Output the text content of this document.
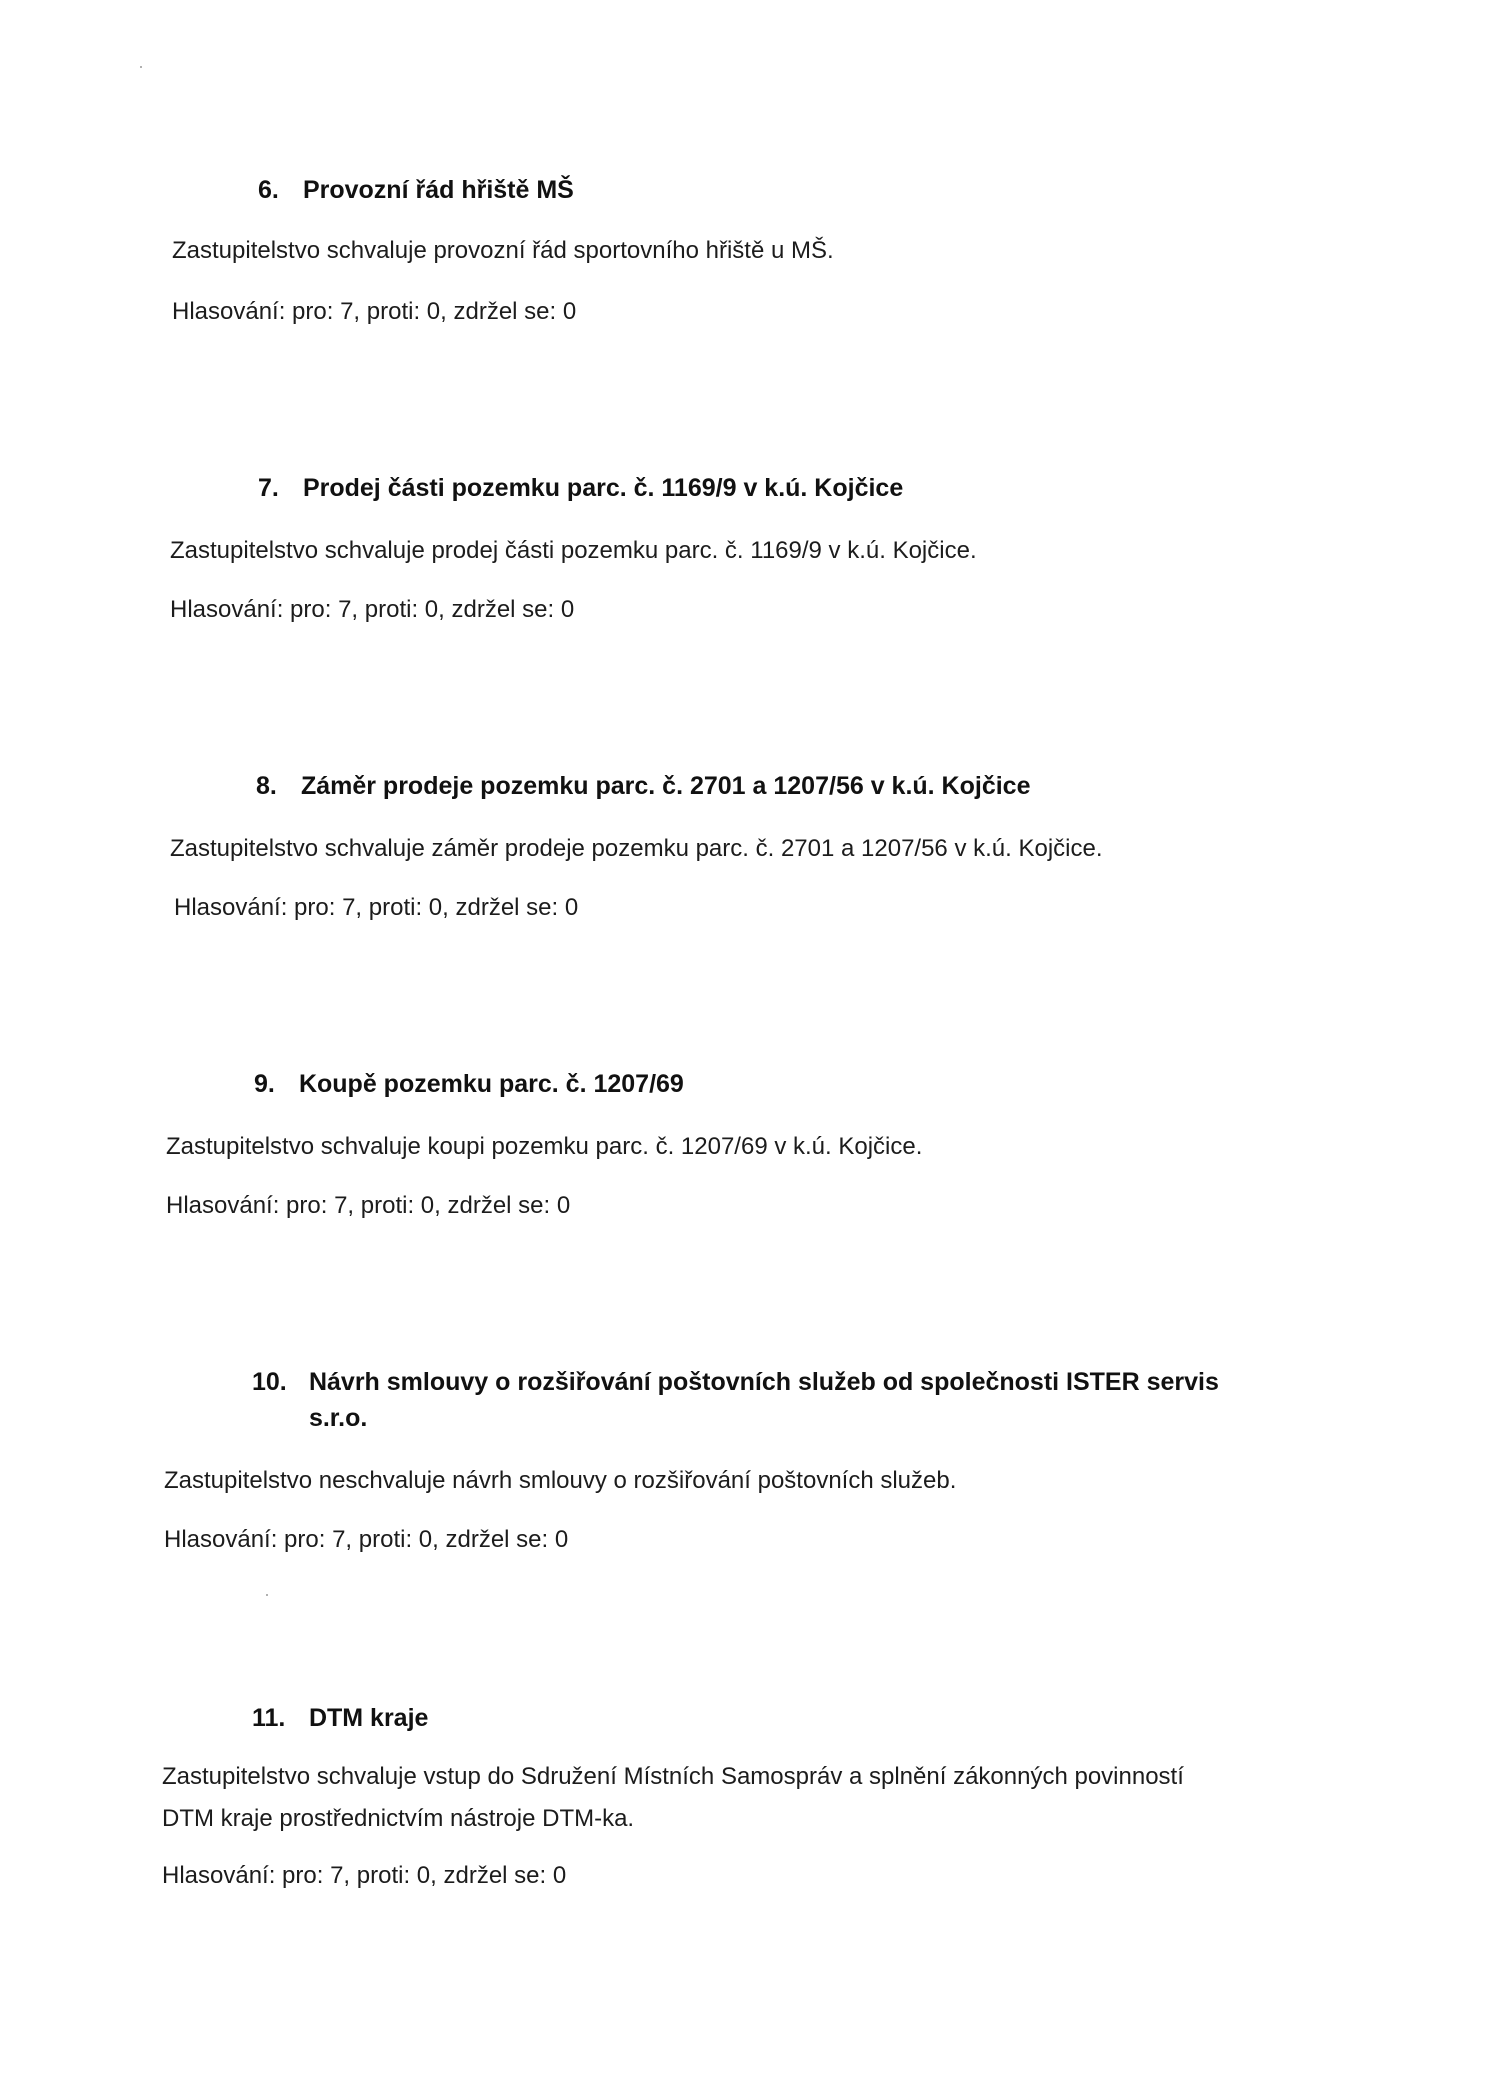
6. Provozní řád hřiště MŠ
Zastupitelstvo schvaluje provozní řád sportovního hřiště u MŠ.
Hlasování: pro: 7, proti: 0, zdržel se: 0
7. Prodej části pozemku parc. č. 1169/9 v k.ú. Kojčice
Zastupitelstvo schvaluje prodej části pozemku parc. č. 1169/9 v k.ú. Kojčice.
Hlasování: pro: 7, proti: 0, zdržel se: 0
8. Záměr prodeje pozemku parc. č. 2701 a 1207/56 v k.ú. Kojčice
Zastupitelstvo schvaluje záměr prodeje pozemku parc. č. 2701 a 1207/56 v k.ú. Kojčice.
Hlasování: pro: 7, proti: 0, zdržel se: 0
9. Koupě pozemku parc. č. 1207/69
Zastupitelstvo schvaluje koupi pozemku parc. č. 1207/69 v k.ú. Kojčice.
Hlasování: pro: 7, proti: 0, zdržel se: 0
10. Návrh smlouvy o rozšiřování poštovních služeb od společnosti ISTER servis s.r.o.
Zastupitelstvo neschvaluje návrh smlouvy o rozšiřování poštovních služeb.
Hlasování: pro: 7, proti: 0, zdržel se: 0
11. DTM kraje
Zastupitelstvo schvaluje vstup do Sdružení Místních Samospráv a splnění zákonných povinností DTM kraje prostřednictvím nástroje DTM-ka.
Hlasování: pro: 7, proti: 0, zdržel se: 0
